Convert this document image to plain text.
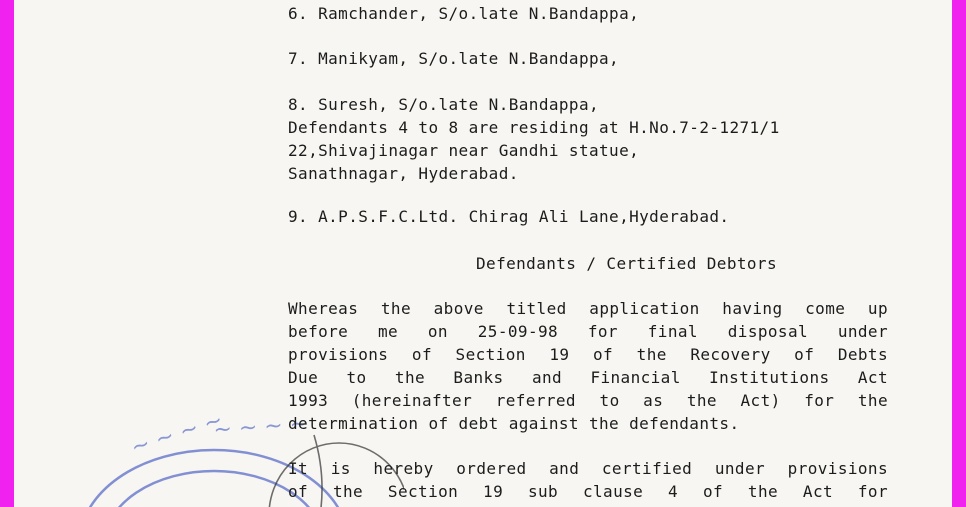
~ ~ ~ ~
~ ~ ~ ~
6. Ramchander, S/o.late N.Bandappa,
7. Manikyam, S/o.late N.Bandappa,
8. Suresh, S/o.late N.Bandappa,
Defendants 4 to 8 are residing at H.No.7-2-1271/1
22,Shivajinagar near Gandhi statue,
Sanathnagar, Hyderabad.
9. A.P.S.F.C.Ltd. Chirag Ali Lane,Hyderabad.
Defendants / Certified Debtors
Whereas the above titled application having come up
before me on 25-09-98 for final disposal under
provisions of Section 19 of the Recovery of Debts
Due to the Banks and Financial Institutions Act
1993 (hereinafter referred to as the Act) for the
determination of debt against the defendants.
It is hereby ordered and certified under provisions
of the Section 19 sub clause 4 of the Act for
